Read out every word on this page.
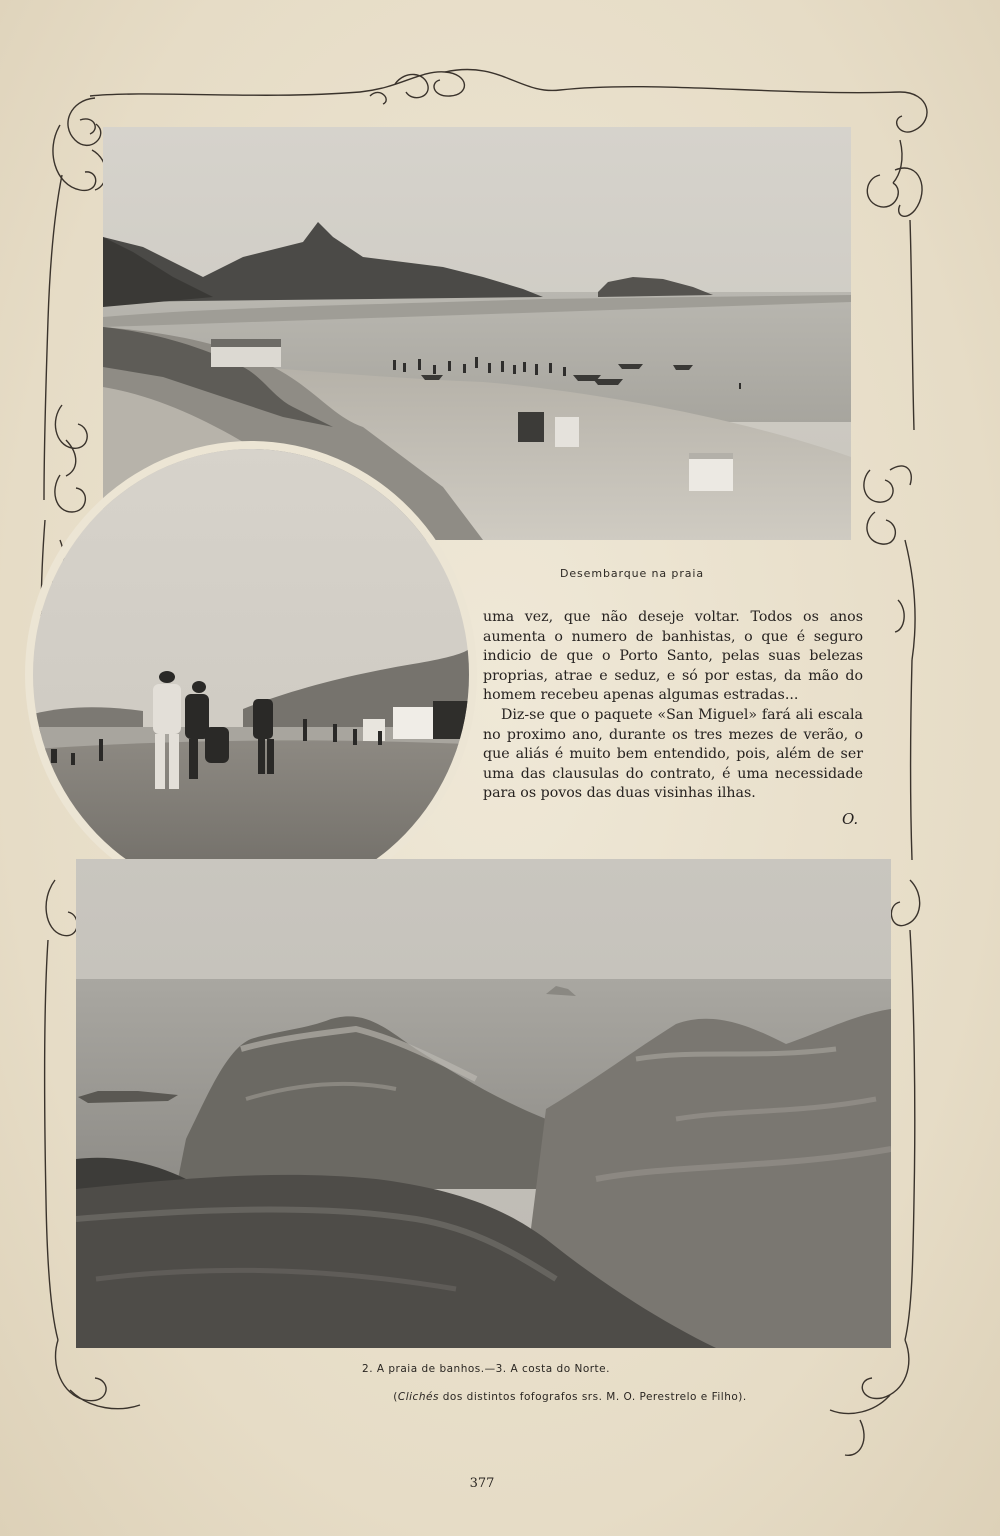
Desembarque na praia

uma vez, que não deseje voltar. Todos os anos aumenta o numero de banhistas, o que é seguro indicio de que o Porto Santo, pelas suas belezas proprias, atrae e seduz, e só por estas, da mão do homem recebeu apenas algumas estradas...

Diz-se que o paquete «San Miguel» fará ali escala no proximo ano, durante os tres mezes de verão, o que aliás é muito bem entendido, pois, além de ser uma das clausulas do contrato, é uma necessidade para os povos das duas visinhas ilhas.

O.
2. A praia de banhos.—3. A costa do Norte.
(Clichés dos distintos fofografos srs. M. O. Perestrelo e Filho).
377
